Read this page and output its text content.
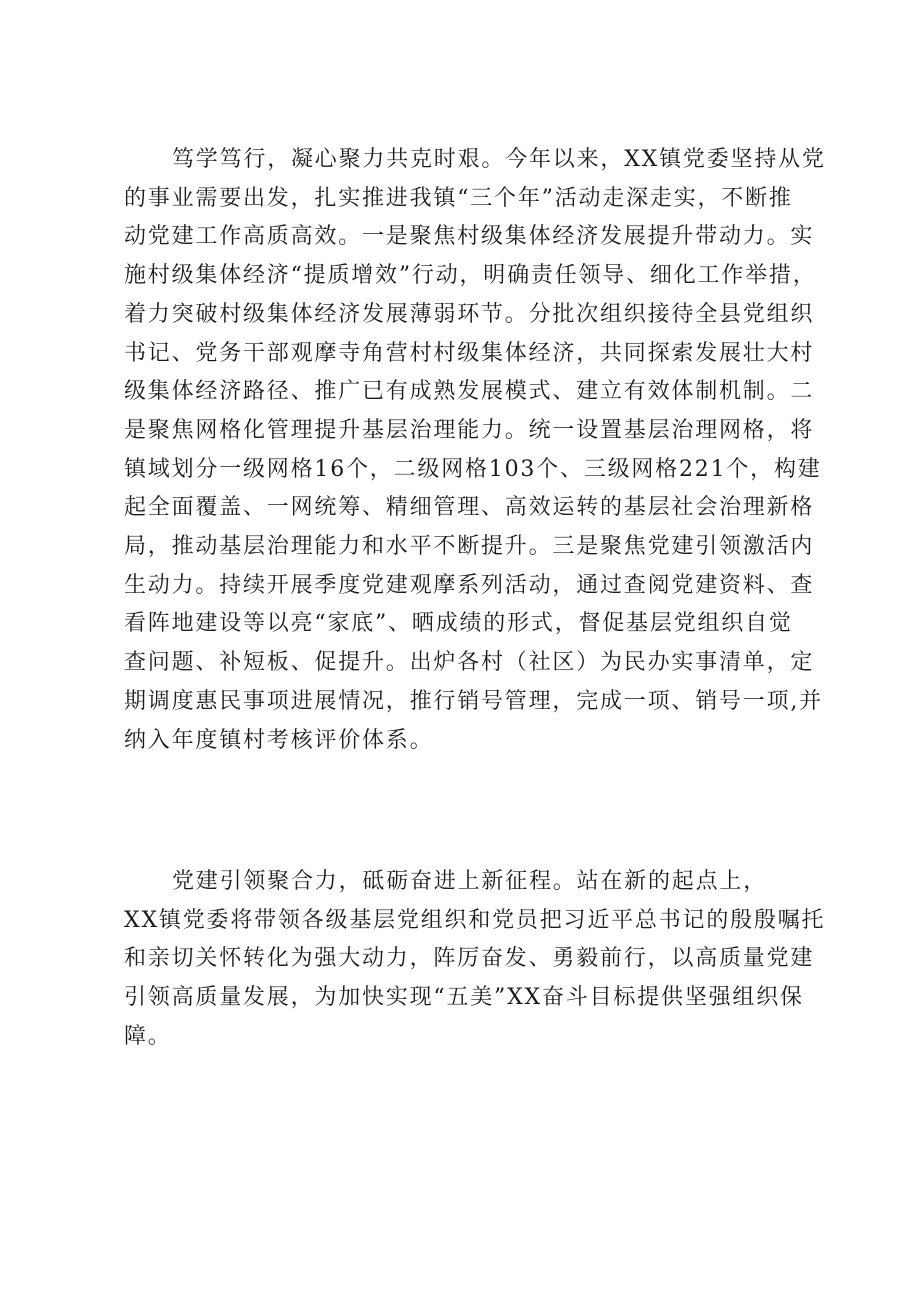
笃学笃行，凝心聚力共克时艰。今年以来，XX镇党委坚持从党
的事业需要出发，扎实推进我镇“三个年”活动走深走实，不断推
动党建工作高质高效。一是聚焦村级集体经济发展提升带动力。实
施村级集体经济“提质增效”行动，明确责任领导、细化工作举措，
着力突破村级集体经济发展薄弱环节。分批次组织接待全县党组织
书记、党务干部观摩寺角营村村级集体经济，共同探索发展壮大村
级集体经济路径、推广已有成熟发展模式、建立有效体制机制。二
是聚焦网格化管理提升基层治理能力。统一设置基层治理网格，将
镇域划分一级网格16个，二级网格103个、三级网格221个，构建
起全面覆盖、一网统筹、精细管理、高效运转的基层社会治理新格
局，推动基层治理能力和水平不断提升。三是聚焦党建引领激活内
生动力。持续开展季度党建观摩系列活动，通过查阅党建资料、查
看阵地建设等以亮“家底”、晒成绩的形式，督促基层党组织自觉
查问题、补短板、促提升。出炉各村（社区）为民办实事清单，定
期调度惠民事项进展情况，推行销号管理，完成一项、销号一项,并
纳入年度镇村考核评价体系。

党建引领聚合力，砥砺奋进上新征程。站在新的起点上，
XX镇党委将带领各级基层党组织和党员把习近平总书记的殷殷嘱托
和亲切关怀转化为强大动力，阵厉奋发、勇毅前行，以高质量党建
引领高质量发展，为加快实现“五美”XX奋斗目标提供坚强组织保
障。
